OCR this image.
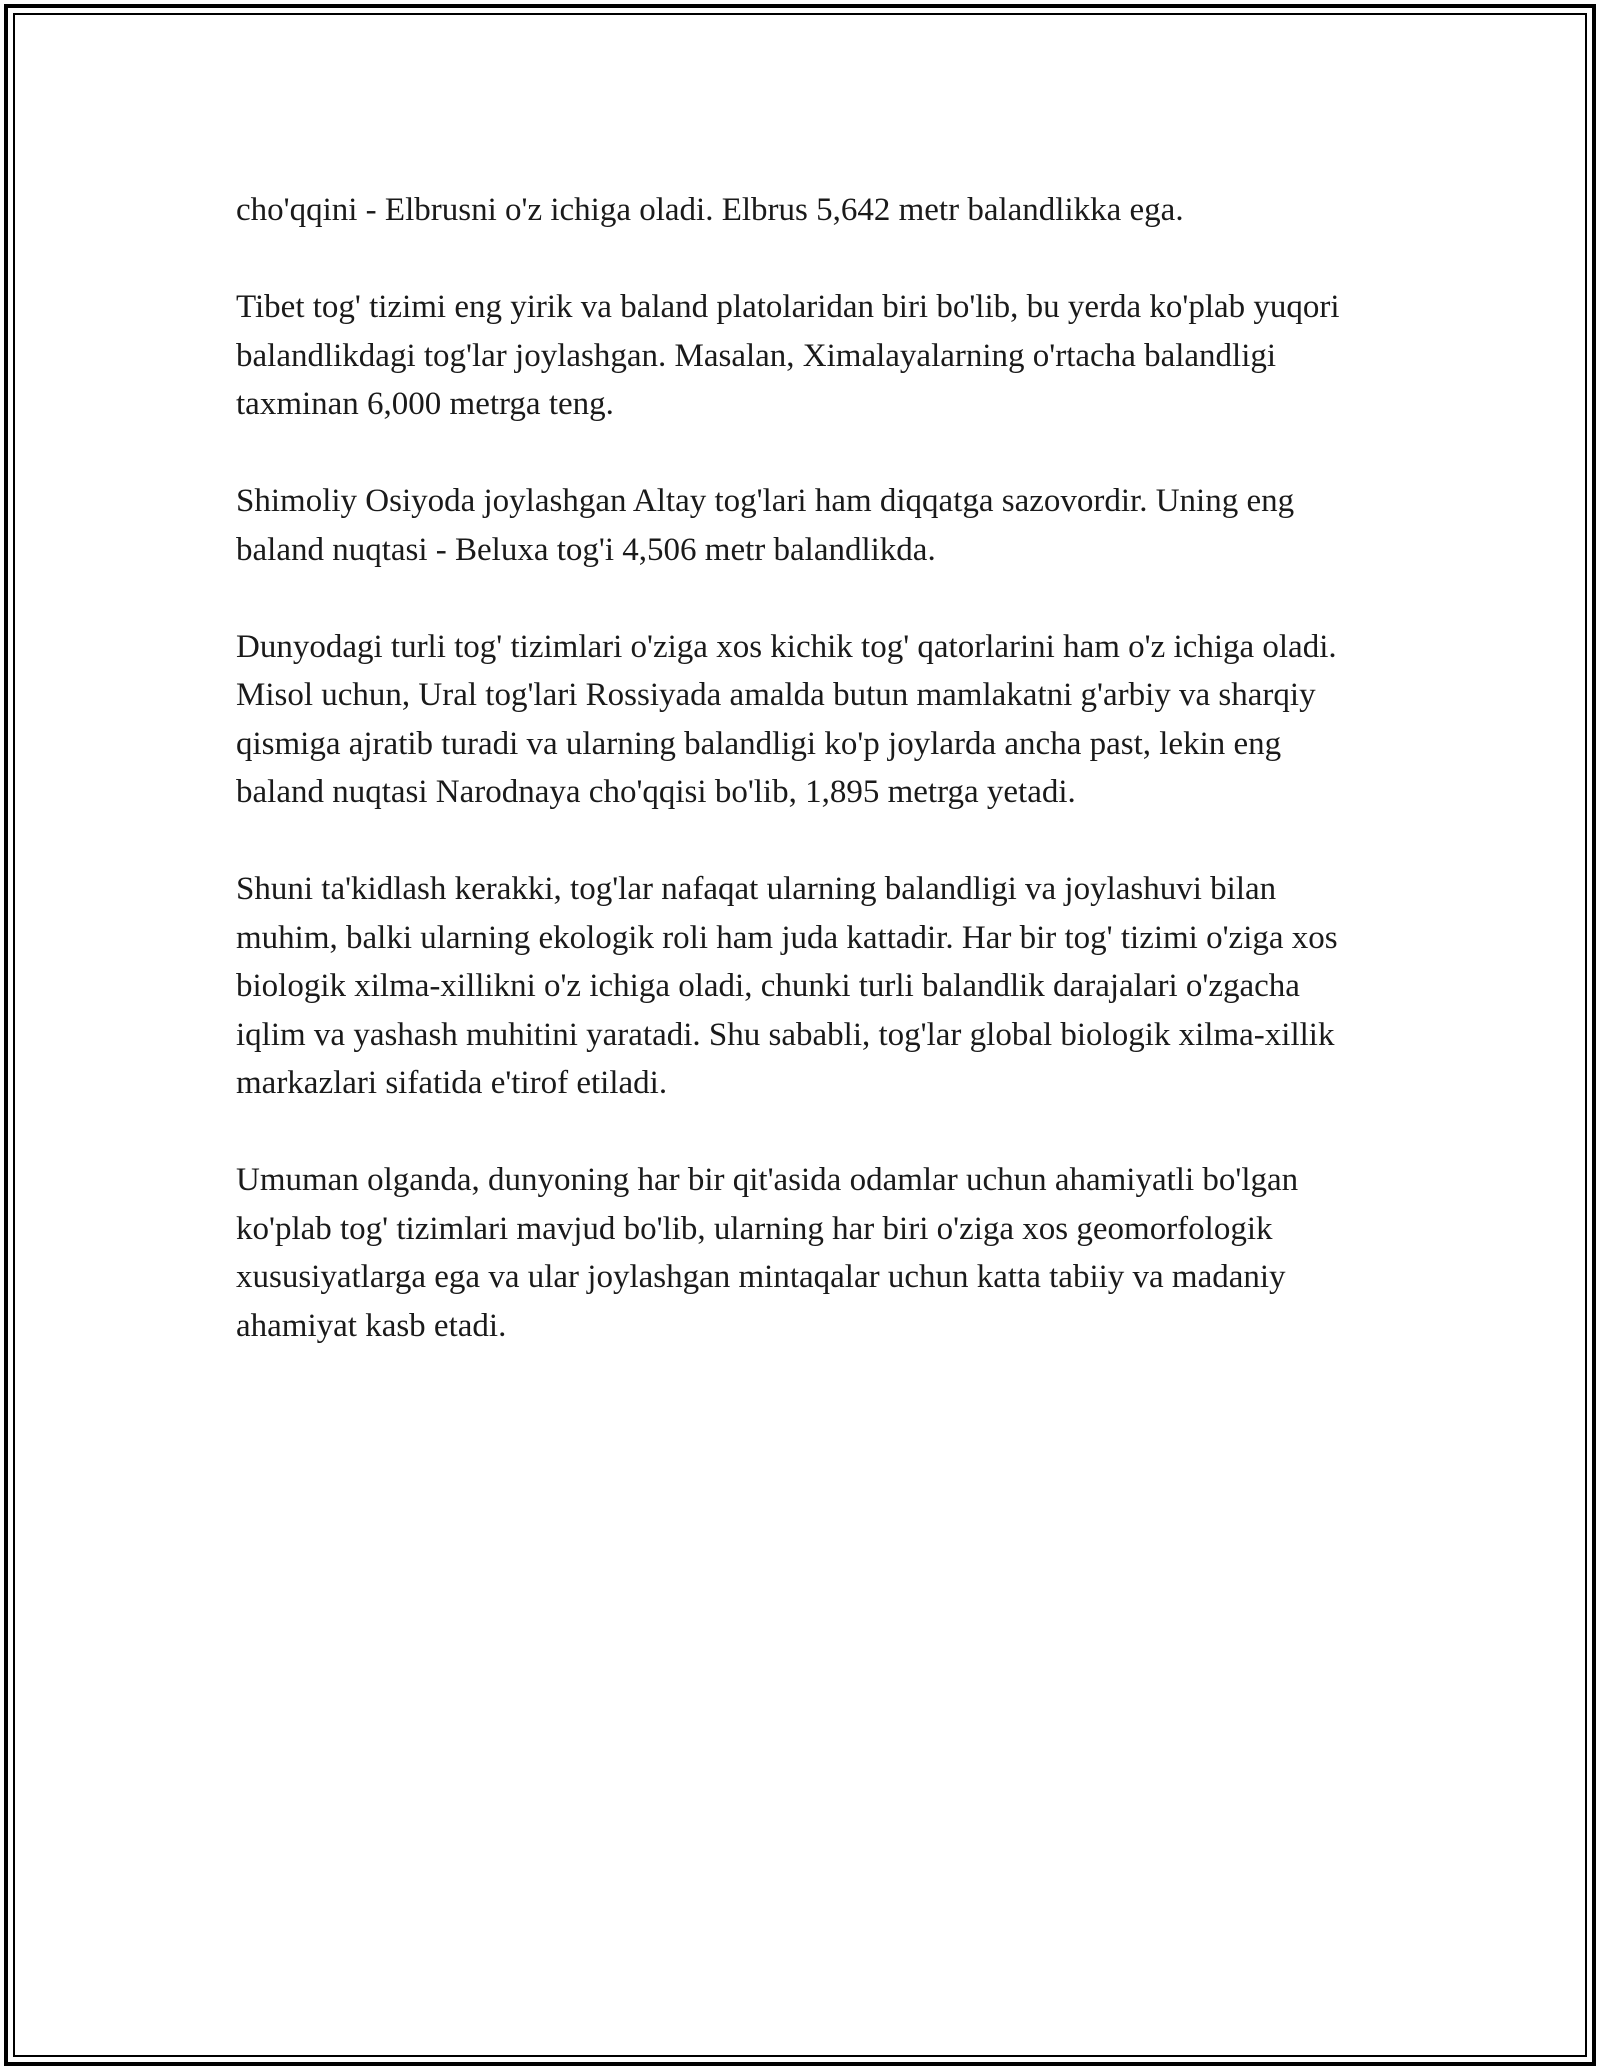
cho'qqini - Elbrusni o'z ichiga oladi. Elbrus 5,642 metr balandlikka ega.

Tibet tog' tizimi eng yirik va baland platolaridan biri bo'lib, bu yerda ko'plab yuqori balandlikdagi tog'lar joylashgan. Masalan, Ximalayalarning o'rtacha balandligi taxminan 6,000 metrga teng.

Shimoliy Osiyoda joylashgan Altay tog'lari ham diqqatga sazovordir. Uning eng baland nuqtasi - Beluxa tog'i 4,506 metr balandlikda.

Dunyodagi turli tog' tizimlari o'ziga xos kichik tog' qatorlarini ham o'z ichiga oladi. Misol uchun, Ural tog'lari Rossiyada amalda butun mamlakatni g'arbiy va sharqiy qismiga ajratib turadi va ularning balandligi ko'p joylarda ancha past, lekin eng baland nuqtasi Narodnaya cho'qqisi bo'lib, 1,895 metrga yetadi.

Shuni ta'kidlash kerakki, tog'lar nafaqat ularning balandligi va joylashuvi bilan muhim, balki ularning ekologik roli ham juda kattadir. Har bir tog' tizimi o'ziga xos biologik xilma-xillikni o'z ichiga oladi, chunki turli balandlik darajalari o'zgacha iqlim va yashash muhitini yaratadi. Shu sababli, tog'lar global biologik xilma-xillik markazlari sifatida e'tirof etiladi.

Umuman olganda, dunyoning har bir qit'asida odamlar uchun ahamiyatli bo'lgan ko'plab tog' tizimlari mavjud bo'lib, ularning har biri o'ziga xos geomorfologik xususiyatlarga ega va ular joylashgan mintaqalar uchun katta tabiiy va madaniy ahamiyat kasb etadi.
